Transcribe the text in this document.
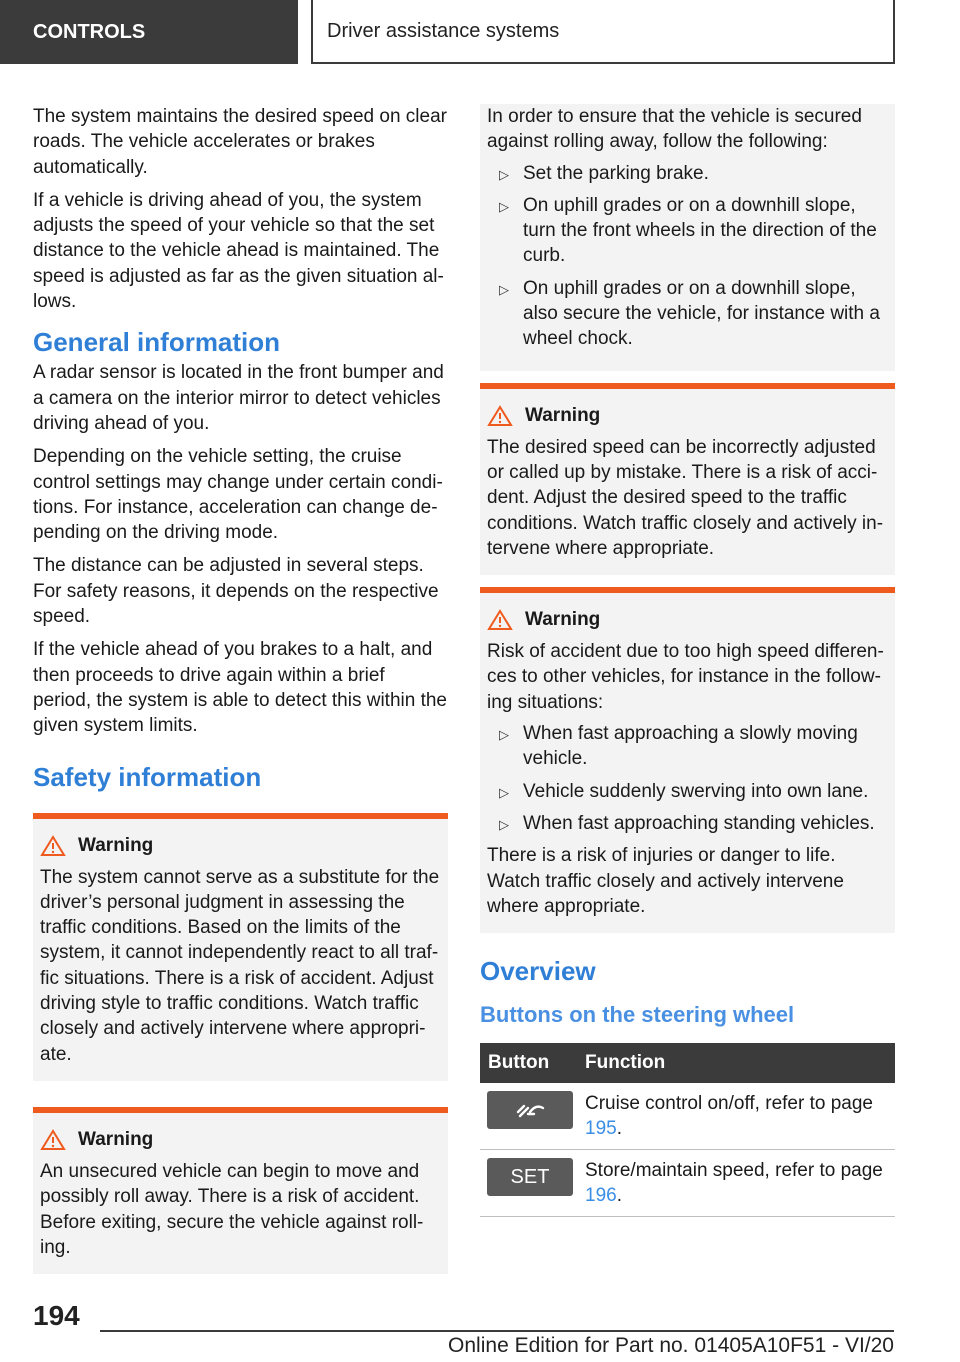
CONTROLS	Driver assistance systems

The system maintains the desired speed on clear roads. The vehicle accelerates or brakes automatically.

If a vehicle is driving ahead of you, the system adjusts the speed of your vehicle so that the set distance to the vehicle ahead is maintained. The speed is adjusted as far as the given situation allows.

General information

A radar sensor is located in the front bumper and a camera on the interior mirror to detect vehicles driving ahead of you.

Depending on the vehicle setting, the cruise control settings may change under certain conditions. For instance, acceleration can change depending on the driving mode.

The distance can be adjusted in several steps. For safety reasons, it depends on the respective speed.

If the vehicle ahead of you brakes to a halt, and then proceeds to drive again within a brief period, the system is able to detect this within the given system limits.

Safety information
Warning

The system cannot serve as a substitute for the driver’s personal judgment in assessing the traffic conditions. Based on the limits of the system, it cannot independently react to all traffic situations. There is a risk of accident. Adjust driving style to traffic conditions. Watch traffic closely and actively intervene where appropriate.

Warning

An unsecured vehicle can begin to move and possibly roll away. There is a risk of accident. Before exiting, secure the vehicle against rolling.

In order to ensure that the vehicle is secured against rolling away, follow the following:

▷ Set the parking brake.
▷ On uphill grades or on a downhill slope, turn the front wheels in the direction of the curb.
▷ On uphill grades or on a downhill slope, also secure the vehicle, for instance with a wheel chock.
Warning

The desired speed can be incorrectly adjusted or called up by mistake. There is a risk of accident. Adjust the desired speed to the traffic conditions. Watch traffic closely and actively intervene where appropriate.

Warning

Risk of accident due to too high speed differences to other vehicles, for instance in the following situations:

▷ When fast approaching a slowly moving vehicle.
▷ Vehicle suddenly swerving into own lane.
▷ When fast approaching standing vehicles.

There is a risk of injuries or danger to life. Watch traffic closely and actively intervene where appropriate.

Overview
Buttons on the steering wheel
Button	Function

	Cruise control on/off, refer to page 195.

SET	Store/maintain speed, refer to page 196.
194
Online Edition for Part no. 01405A10F51 - VI/20
